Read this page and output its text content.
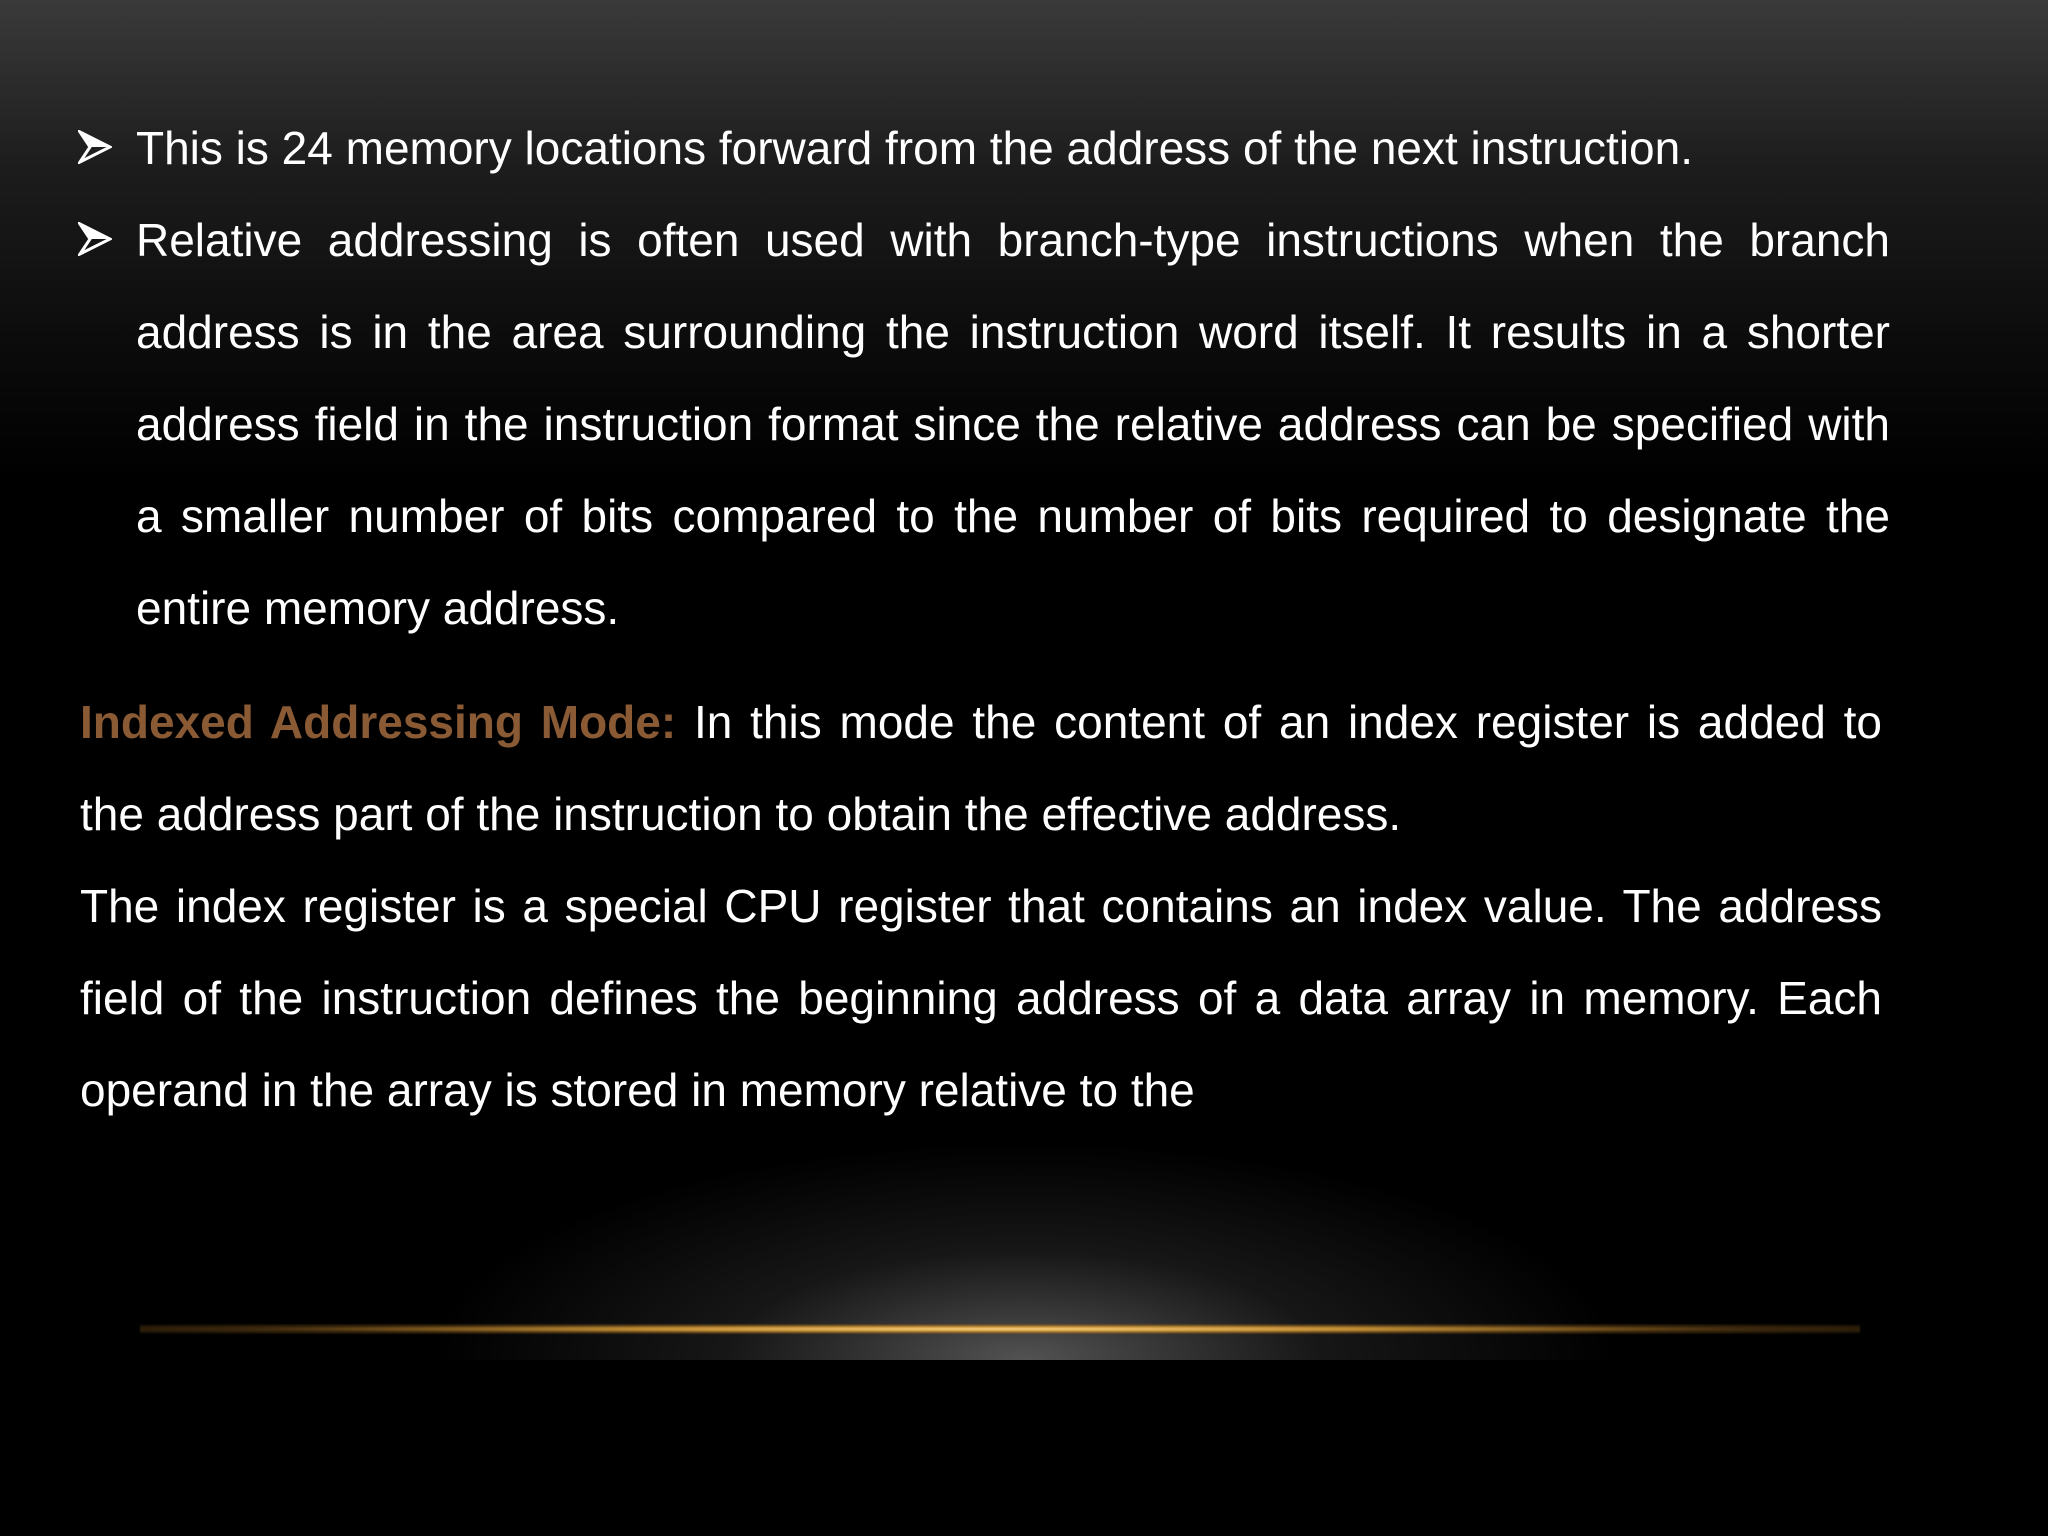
This is 24 memory locations forward from the address of the next instruction.
Relative addressing is often used with branch-type instructions when the branch address is in the area surrounding the instruction word itself. It results in a shorter address field in the instruction format since the relative address can be specified with a smaller number of bits compared to the number of bits required to designate the entire memory address.

Indexed Addressing Mode: In this mode the content of an index register is added to the address part of the instruction to obtain the effective address.

The index register is a special CPU register that contains an index value. The address field of the instruction defines the beginning address of a data array in memory. Each operand in the array is stored in memory relative to the
